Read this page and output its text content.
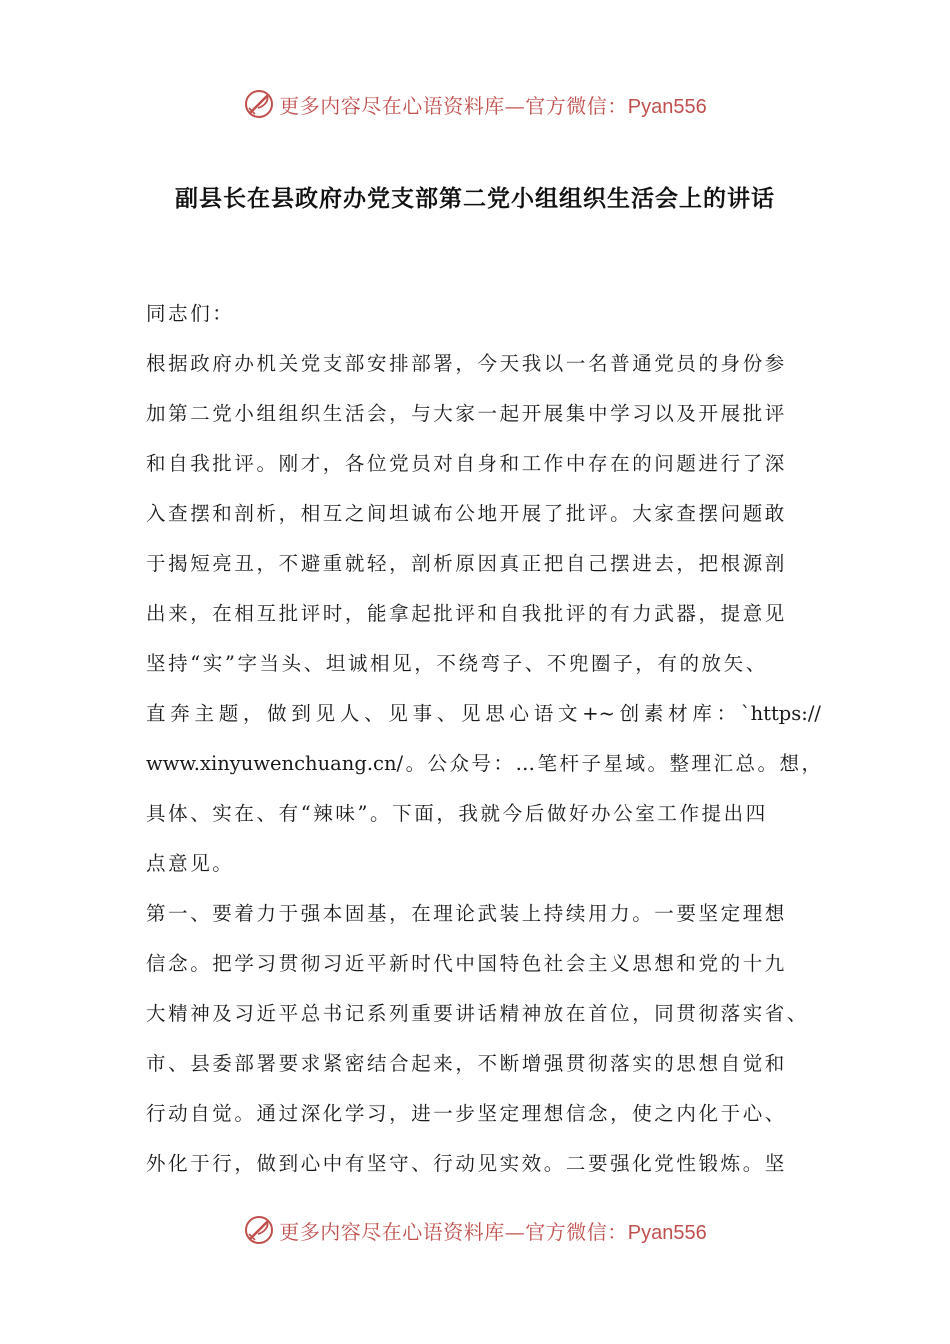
更多内容尽在心语资料库—官方微信：Pyan556
副县长在县政府办党支部第二党小组组织生活会上的讲话
同志们：
根据政府办机关党支部安排部署，今天我以一名普通党员的身份参
加第二党小组组织生活会，与大家一起开展集中学习以及开展批评
和自我批评。刚才，各位党员对自身和工作中存在的问题进行了深
入查摆和剖析，相互之间坦诚布公地开展了批评。大家查摆问题敢
于揭短亮丑，不避重就轻，剖析原因真正把自己摆进去，把根源剖
出来，在相互批评时，能拿起批评和自我批评的有力武器，提意见
坚持“实”字当头、坦诚相见，不绕弯子、不兜圈子，有的放矢、
直奔主题，做到见人、见事、见思心语文+~创素材库：`https://
www.xinyuwenchuang.cn/。公众号：…笔杆子星域。整理汇总。想，
具体、实在、有“辣味”。下面，我就今后做好办公室工作提出四
点意见。
第一、要着力于强本固基，在理论武装上持续用力。一要坚定理想
信念。把学习贯彻习近平新时代中国特色社会主义思想和党的十九
大精神及习近平总书记系列重要讲话精神放在首位，同贯彻落实省、
市、县委部署要求紧密结合起来，不断增强贯彻落实的思想自觉和
行动自觉。通过深化学习，进一步坚定理想信念，使之内化于心、
外化于行，做到心中有坚守、行动见实效。二要强化党性锻炼。坚
更多内容尽在心语资料库—官方微信：Pyan556
